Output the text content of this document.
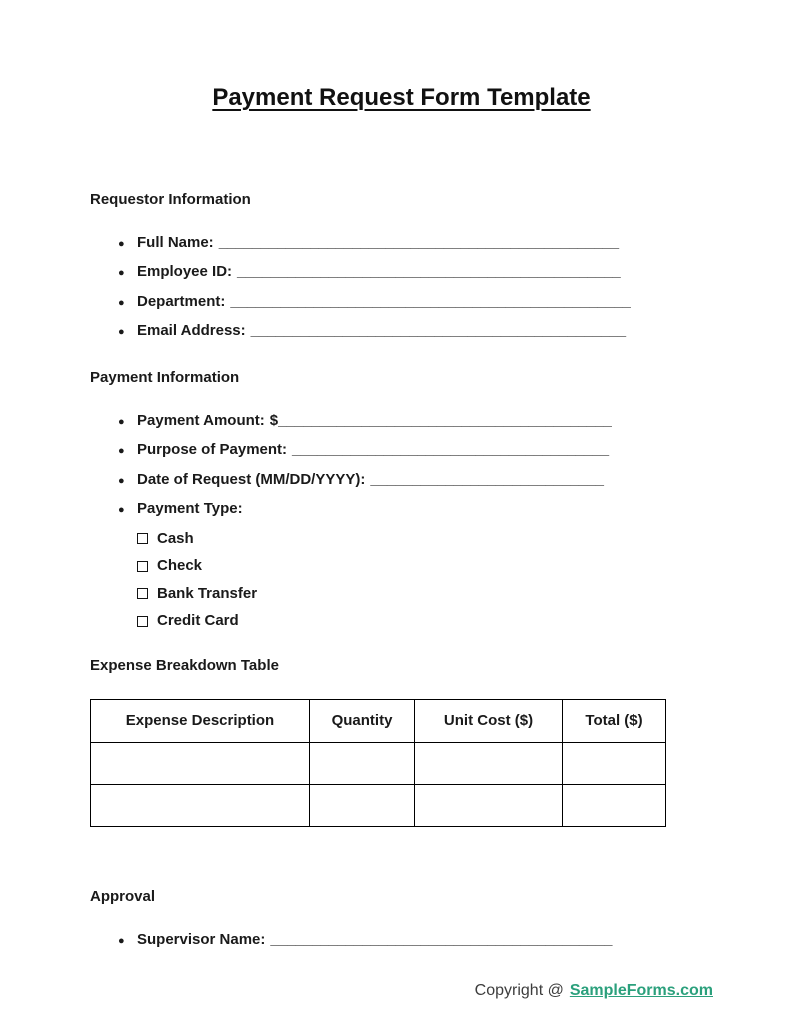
Payment Request Form Template
Requestor Information
● Full Name: ________________________________________________
● Employee ID: ______________________________________________
● Department: ________________________________________________
● Email Address: _____________________________________________
Payment Information
● Payment Amount: $________________________________________
● Purpose of Payment: ______________________________________
● Date of Request (MM/DD/YYYY): ____________________________
● Payment Type:
Cash
Check
Bank Transfer
Credit Card
Expense Breakdown Table
Expense Description	Quantity	Unit Cost ($)	Total ($)

Approval
● Supervisor Name: _________________________________________
Copyright @ SampleForms.com
